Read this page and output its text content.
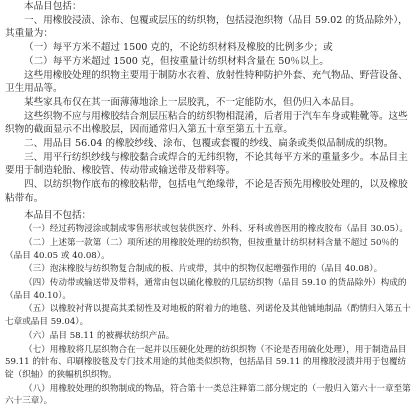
本品目包括：

一、用橡胶浸渍、涂布、包覆或层压的纺织物，包括浸泡织物（品目 59.02 的货品除外），其重量为：

（一）每平方米不超过 1500 克的，不论纺织材料及橡胶的比例多少；或

（二）每平方米超过 1500 克，但按重量计纺织材料含量在 50％以上。

这些用橡胶处理的织物主要用于制防水衣着、放射性特种防护外套、充气物品、野营设备、卫生用品等。

某些家具布仅在其一面薄薄地涂上一层胶乳，不一定能防水，但仍归入本品目。

这些织物不应与用橡胶结合剂层压粘合的纺织物相混淆，后者用于汽车车身或鞋靴等。这些织物的截面显示不出橡胶层，因而通常归入第五十章至第五十五章。

二、用品目 56.04 的橡胶纱线、涂布、包覆或套覆的纱线、扁条或类似品制成的织物。

三、用平行纺织纱线与橡胶黏合或焊合的无纬织物，不论其每平方米的重量多少。本品目主要用于制造轮胎、橡胶管、传动带或输送带及带料等。

四、以纺织物作底布的橡胶粘带，包括电气绝缘带，不论是否预先用橡胶处理的，以及橡胶粘带布。

本品目不包括：

（一）经过药物浸涂或制成零售形状或包装供医疗、外科、牙科或兽医用的橡皮胶布（品目 30.05）。

（二）上述第一款第（二）项所述的用橡胶处理的纺织物，但按重量计纺织材料含量不超过 50％的（品目 40.05 或 40.08）。

（三）泡沫橡胶与纺织物复合制成的板、片或带，其中的织物仅起增强作用的（品目 40.08）。

（四）传动带或输送带及带料，通常由包以硫化橡胶的几层纺织物（品目 59.10 的货品除外）构成的（品目 40.10）。

（五）以橡胶衬背以提高其柔韧性及对地板的附着力的地毯、列诺伦及其他铺地制品（酌情归入第五十七章或品目 59.04）。

（六）品目 58.11 的被褥状纺织产品。

（七）用橡胶将几层织物合在一起并以压硬化处理的纺织织物（不论是否用硫化处理），用于制造品目 59.11 的针布、印刷橡胶毯及专门技术用途的其他类似织物，包括品目 59.11 的用橡胶浸渍并用于包覆纺锭（织轴）的狭幅机织织物。

（八）用橡胶处理的织物制成的物品，符合第十一类总注释第二部分规定的（一般归入第六十一章至第六十三章）。
